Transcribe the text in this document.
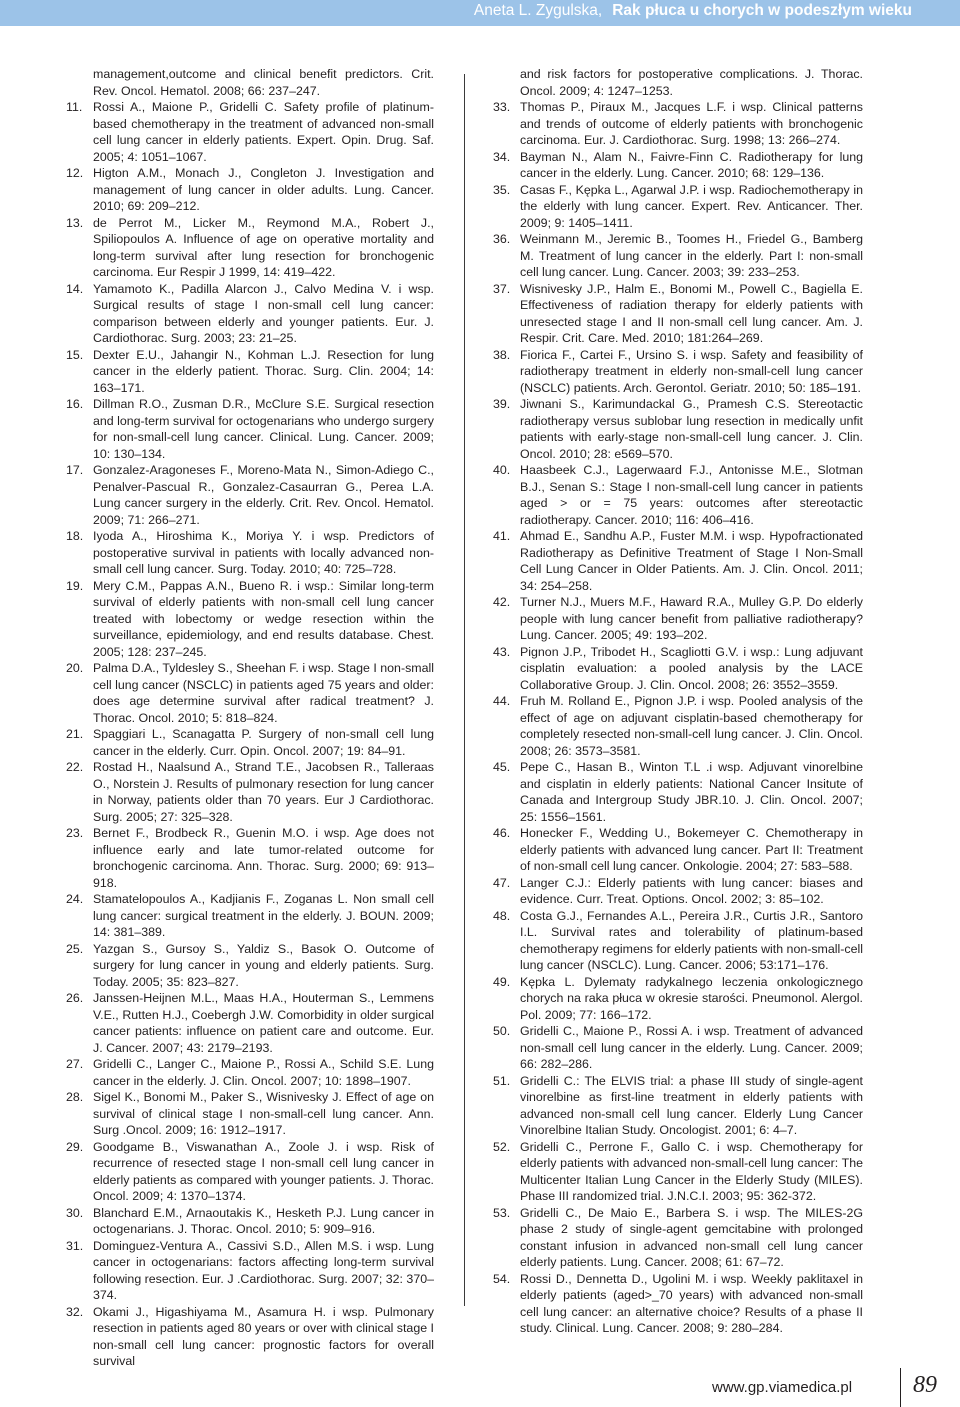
Aneta L. Zygulska, Rak płuca u chorych w podeszłym wieku
management,outcome and clinical benefit predictors. Crit. Rev. Oncol. Hematol. 2008; 66: 237–247.
11. Rossi A., Maione P., Gridelli C. Safety profile of platinum-based chemotherapy in the treatment of advanced non-small cell lung cancer in elderly patients. Expert. Opin. Drug. Saf. 2005; 4: 1051–1067.
12. Higton A.M., Monach J., Congleton J. Investigation and management of lung cancer in older adults. Lung. Cancer. 2010; 69: 209–212.
13. de Perrot M., Licker M., Reymond M.A., Robert J., Spiliopoulos A. Influence of age on operative mortality and long-term survival after lung resection for bronchogenic carcinoma. Eur Respir J 1999, 14: 419–422.
14. Yamamoto K., Padilla Alarcon J., Calvo Medina V. i wsp. Surgical results of stage I non-small cell lung cancer: comparison between elderly and younger patients. Eur. J. Cardiothorac. Surg. 2003; 23: 21–25.
15. Dexter E.U., Jahangir N., Kohman L.J. Resection for lung cancer in the elderly patient. Thorac. Surg. Clin. 2004; 14: 163–171.
16. Dillman R.O., Zusman D.R., McClure S.E. Surgical resection and long-term survival for octogenarians who undergo surgery for non-small-cell lung cancer. Clinical. Lung. Cancer. 2009; 10: 130–134.
17. Gonzalez-Aragoneses F., Moreno-Mata N., Simon-Adiego C., Penalver-Pascual R., Gonzalez-Casaurran G., Perea L.A. Lung cancer surgery in the elderly. Crit. Rev. Oncol. Hematol. 2009; 71: 266–271.
18. Iyoda A., Hiroshima K., Moriya Y. i wsp. Predictors of postoperative survival in patients with locally advanced non-small cell lung cancer. Surg. Today. 2010; 40: 725–728.
19. Mery C.M., Pappas A.N., Bueno R. i wsp.: Similar long-term survival of elderly patients with non-small cell lung cancer treated with lobectomy or wedge resection within the surveillance, epidemiology, and end results database. Chest. 2005; 128: 237–245.
20. Palma D.A., Tyldesley S., Sheehan F. i wsp. Stage I non-small cell lung cancer (NSCLC) in patients aged 75 years and older: does age determine survival after radical treatment? J. Thorac. Oncol. 2010; 5: 818–824.
21. Spaggiari L., Scanagatta P. Surgery of non-small cell lung cancer in the elderly. Curr. Opin. Oncol. 2007; 19: 84–91.
22. Rostad H., Naalsund A., Strand T.E., Jacobsen R., Talleraas O., Norstein J. Results of pulmonary resection for lung cancer in Norway, patients older than 70 years. Eur J Cardiothorac. Surg. 2005; 27: 325–328.
23. Bernet F., Brodbeck R., Guenin M.O. i wsp. Age does not influence early and late tumor-related outcome for bronchogenic carcinoma. Ann. Thorac. Surg. 2000; 69: 913–918.
24. Stamatelopoulos A., Kadjianis F., Zoganas L. Non small cell lung cancer: surgical treatment in the elderly. J. BOUN. 2009; 14: 381–389.
25. Yazgan S., Gursoy S., Yaldiz S., Basok O. Outcome of surgery for lung cancer in young and elderly patients. Surg. Today. 2005; 35: 823–827.
26. Janssen-Heijnen M.L., Maas H.A., Houterman S., Lemmens V.E., Rutten H.J., Coebergh J.W. Comorbidity in older surgical cancer patients: influence on patient care and outcome. Eur. J. Cancer. 2007; 43: 2179–2193.
27. Gridelli C., Langer C., Maione P., Rossi A., Schild S.E. Lung cancer in the elderly. J. Clin. Oncol. 2007; 10: 1898–1907.
28. Sigel K., Bonomi M., Paker S., Wisnivesky J. Effect of age on survival of clinical stage I non-small-cell lung cancer. Ann. Surg .Oncol. 2009; 16: 1912–1917.
29. Goodgame B., Viswanathan A., Zoole J. i wsp. Risk of recurrence of resected stage I non-small cell lung cancer in elderly patients as compared with younger patients. J. Thorac. Oncol. 2009; 4: 1370–1374.
30. Blanchard E.M., Arnaoutakis K., Hesketh P.J. Lung cancer in octogenarians. J. Thorac. Oncol. 2010; 5: 909–916.
31. Dominguez-Ventura A., Cassivi S.D., Allen M.S. i wsp. Lung cancer in octogenarians: factors affecting long-term survival following resection. Eur. J .Cardiothorac. Surg. 2007; 32: 370–374.
32. Okami J., Higashiyama M., Asamura H. i wsp. Pulmonary resection in patients aged 80 years or over with clinical stage I non-small cell lung cancer: prognostic factors for overall survival
and risk factors for postoperative complications. J. Thorac. Oncol. 2009; 4: 1247–1253.
33. Thomas P., Piraux M., Jacques L.F. i wsp. Clinical patterns and trends of outcome of elderly patients with bronchogenic carcinoma. Eur. J. Cardiothorac. Surg. 1998; 13: 266–274.
34. Bayman N., Alam N., Faivre-Finn C. Radiotherapy for lung cancer in the elderly. Lung. Cancer. 2010; 68: 129–136.
35. Casas F., Kępka L., Agarwal J.P. i wsp. Radiochemotherapy in the elderly with lung cancer. Expert. Rev. Anticancer. Ther. 2009; 9: 1405–1411.
36. Weinmann M., Jeremic B., Toomes H., Friedel G., Bamberg M. Treatment of lung cancer in the elderly. Part I: non-small cell lung cancer. Lung. Cancer. 2003; 39: 233–253.
37. Wisnivesky J.P., Halm E., Bonomi M., Powell C., Bagiella E. Effectiveness of radiation therapy for elderly patients with unresected stage I and II non-small cell lung cancer. Am. J. Respir. Crit. Care. Med. 2010; 181:264–269.
38. Fiorica F., Cartei F., Ursino S. i wsp. Safety and feasibility of radiotherapy treatment in elderly non-small-cell lung cancer (NSCLC) patients. Arch. Gerontol. Geriatr. 2010; 50: 185–191.
39. Jiwnani S., Karimundackal G., Pramesh C.S. Stereotactic radiotherapy versus sublobar lung resection in medically unfit patients with early-stage non-small-cell lung cancer. J. Clin. Oncol. 2010; 28: e569–570.
40. Haasbeek C.J., Lagerwaard F.J., Antonisse M.E., Slotman B.J., Senan S.: Stage I non-small-cell lung cancer in patients aged > or = 75 years: outcomes after stereotactic radiotherapy. Cancer. 2010; 116: 406–416.
41. Ahmad E., Sandhu A.P., Fuster M.M. i wsp. Hypofractionated Radiotherapy as Definitive Treatment of Stage I Non-Small Cell Lung Cancer in Older Patients. Am. J. Clin. Oncol. 2011; 34: 254–258.
42. Turner N.J., Muers M.F., Haward R.A., Mulley G.P. Do elderly people with lung cancer benefit from palliative radiotherapy? Lung. Cancer. 2005; 49: 193–202.
43. Pignon J.P., Tribodet H., Scagliotti G.V. i wsp.: Lung adjuvant cisplatin evaluation: a pooled analysis by the LACE Collaborative Group. J. Clin. Oncol. 2008; 26: 3552–3559.
44. Fruh M. Rolland E., Pignon J.P. i wsp. Pooled analysis of the effect of age on adjuvant cisplatin-based chemotherapy for completely resected non-small-cell lung cancer. J. Clin. Oncol. 2008; 26: 3573–3581.
45. Pepe C., Hasan B., Winton T.L .i wsp. Adjuvant vinorelbine and cisplatin in elderly patients: National Cancer Insitute of Canada and Intergroup Study JBR.10. J. Clin. Oncol. 2007; 25: 1556–1561.
46. Honecker F., Wedding U., Bokemeyer C. Chemotherapy in elderly patients with advanced lung cancer. Part II: Treatment of non-small cell lung cancer. Onkologie. 2004; 27: 583–588.
47. Langer C.J.: Elderly patients with lung cancer: biases and evidence. Curr. Treat. Options. Oncol. 2002; 3: 85–102.
48. Costa G.J., Fernandes A.L., Pereira J.R., Curtis J.R., Santoro I.L. Survival rates and tolerability of platinum-based chemotherapy regimens for elderly patients with non-small-cell lung cancer (NSCLC). Lung. Cancer. 2006; 53:171–176.
49. Kępka L. Dylematy radykalnego leczenia onkologicznego chorych na raka płuca w okresie starości. Pneumonol. Alergol. Pol. 2009; 77: 166–172.
50. Gridelli C., Maione P., Rossi A. i wsp. Treatment of advanced non-small cell lung cancer in the elderly. Lung. Cancer. 2009; 66: 282–286.
51. Gridelli C.: The ELVIS trial: a phase III study of single-agent vinorelbine as first-line treatment in elderly patients with advanced non-small cell lung cancer. Elderly Lung Cancer Vinorelbine Italian Study. Oncologist. 2001; 6: 4–7.
52. Gridelli C., Perrone F., Gallo C. i wsp. Chemotherapy for elderly patients with advanced non-small-cell lung cancer: The Multicenter Italian Lung Cancer in the Elderly Study (MILES). Phase III randomized trial. J.N.C.I. 2003; 95: 362-372.
53. Gridelli C., De Maio E., Barbera S. i wsp. The MILES-2G phase 2 study of single-agent gemcitabine with prolonged constant infusion in advanced non-small cell lung cancer elderly patients. Lung. Cancer. 2008; 61: 67–72.
54. Rossi D., Dennetta D., Ugolini M. i wsp. Weekly paklitaxel in elderly patients (aged>_70 years) with advanced non-small cell lung cancer: an alternative choice? Results of a phase II study. Clinical. Lung. Cancer. 2008; 9: 280–284.
www.gp.viamedica.pl	89
